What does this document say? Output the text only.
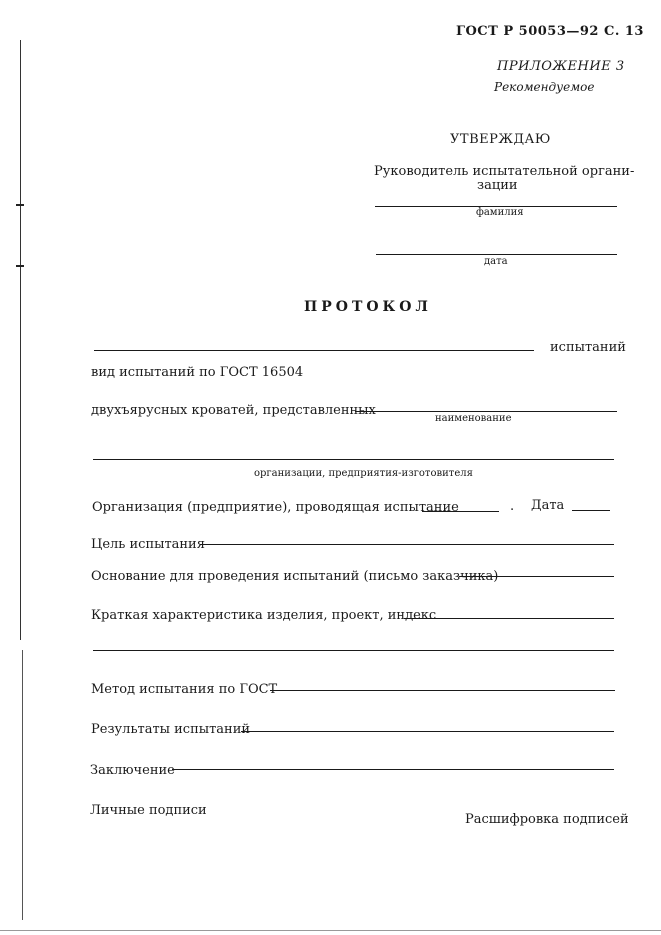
ГОСТ Р 50053—92 С. 13
ПРИЛОЖЕНИЕ 3
Рекомендуемое
УТВЕРЖДАЮ
Руководитель испытательной органи-
зации
фамилия
дата
ПРОТОКОЛ
испытаний
вид испытаний по ГОСТ 16504
двухъярусных кроватей, представленных
наименование
организации, предприятия-изготовителя
Организация (предприятие), проводящая испытание	. Дата
Цель испытания
Основание для проведения испытаний (письмо заказчика)
Краткая характеристика изделия, проект, индекс
Метод испытания по ГОСТ
Результаты испытаний
Заключение
Личные подписи
Расшифровка подписей
